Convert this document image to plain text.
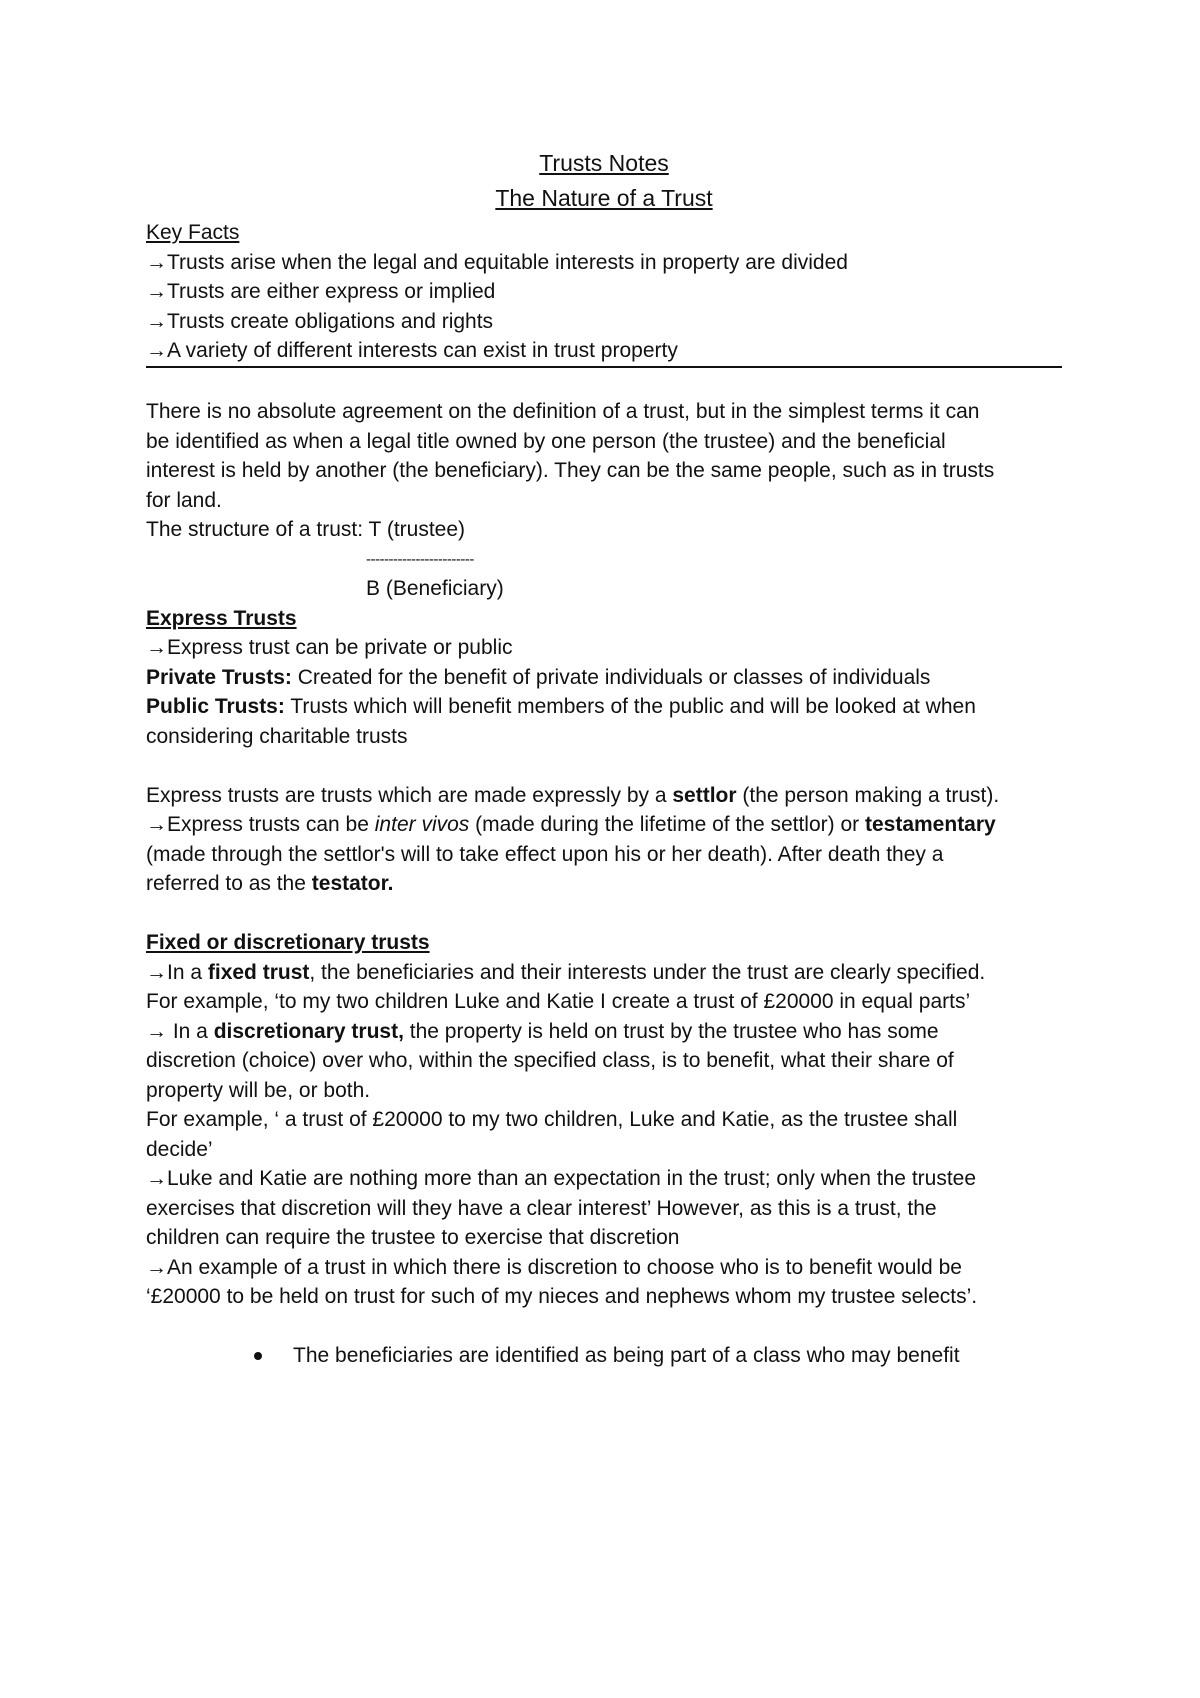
Trusts Notes
The Nature of a Trust
Key Facts
→Trusts arise when the legal and equitable interests in property are divided
→Trusts are either express or implied
→Trusts create obligations and rights
→A variety of different interests can exist in trust property
There is no absolute agreement on the definition of a trust, but in the simplest terms it can
be identified as when a legal title owned by one person (the trustee) and the beneficial
interest is held by another (the beneficiary). They can be the same people, such as in trusts
for land.
The structure of a trust: T (trustee)
------------------------
B (Beneficiary)
Express Trusts
→Express trust can be private or public
Private Trusts: Created for the benefit of private individuals or classes of individuals
Public Trusts: Trusts which will benefit members of the public and will be looked at when
considering charitable trusts
Express trusts are trusts which are made expressly by a settlor (the person making a trust).
→Express trusts can be inter vivos (made during the lifetime of the settlor) or testamentary
(made through the settlor's will to take effect upon his or her death). After death they a
referred to as the testator.
Fixed or discretionary trusts
→In a fixed trust, the beneficiaries and their interests under the trust are clearly specified.
For example, ‘to my two children Luke and Katie I create a trust of £20000 in equal parts’
→ In a discretionary trust, the property is held on trust by the trustee who has some
discretion (choice) over who, within the specified class, is to benefit, what their share of
property will be, or both.
For example, ‘ a trust of £20000 to my two children, Luke and Katie, as the trustee shall
decide’
→Luke and Katie are nothing more than an expectation in the trust; only when the trustee
exercises that discretion will they have a clear interest’ However, as this is a trust, the
children can require the trustee to exercise that discretion
→An example of a trust in which there is discretion to choose who is to benefit would be
‘£20000 to be held on trust for such of my nieces and nephews whom my trustee selects’.
The beneficiaries are identified as being part of a class who may benefit
